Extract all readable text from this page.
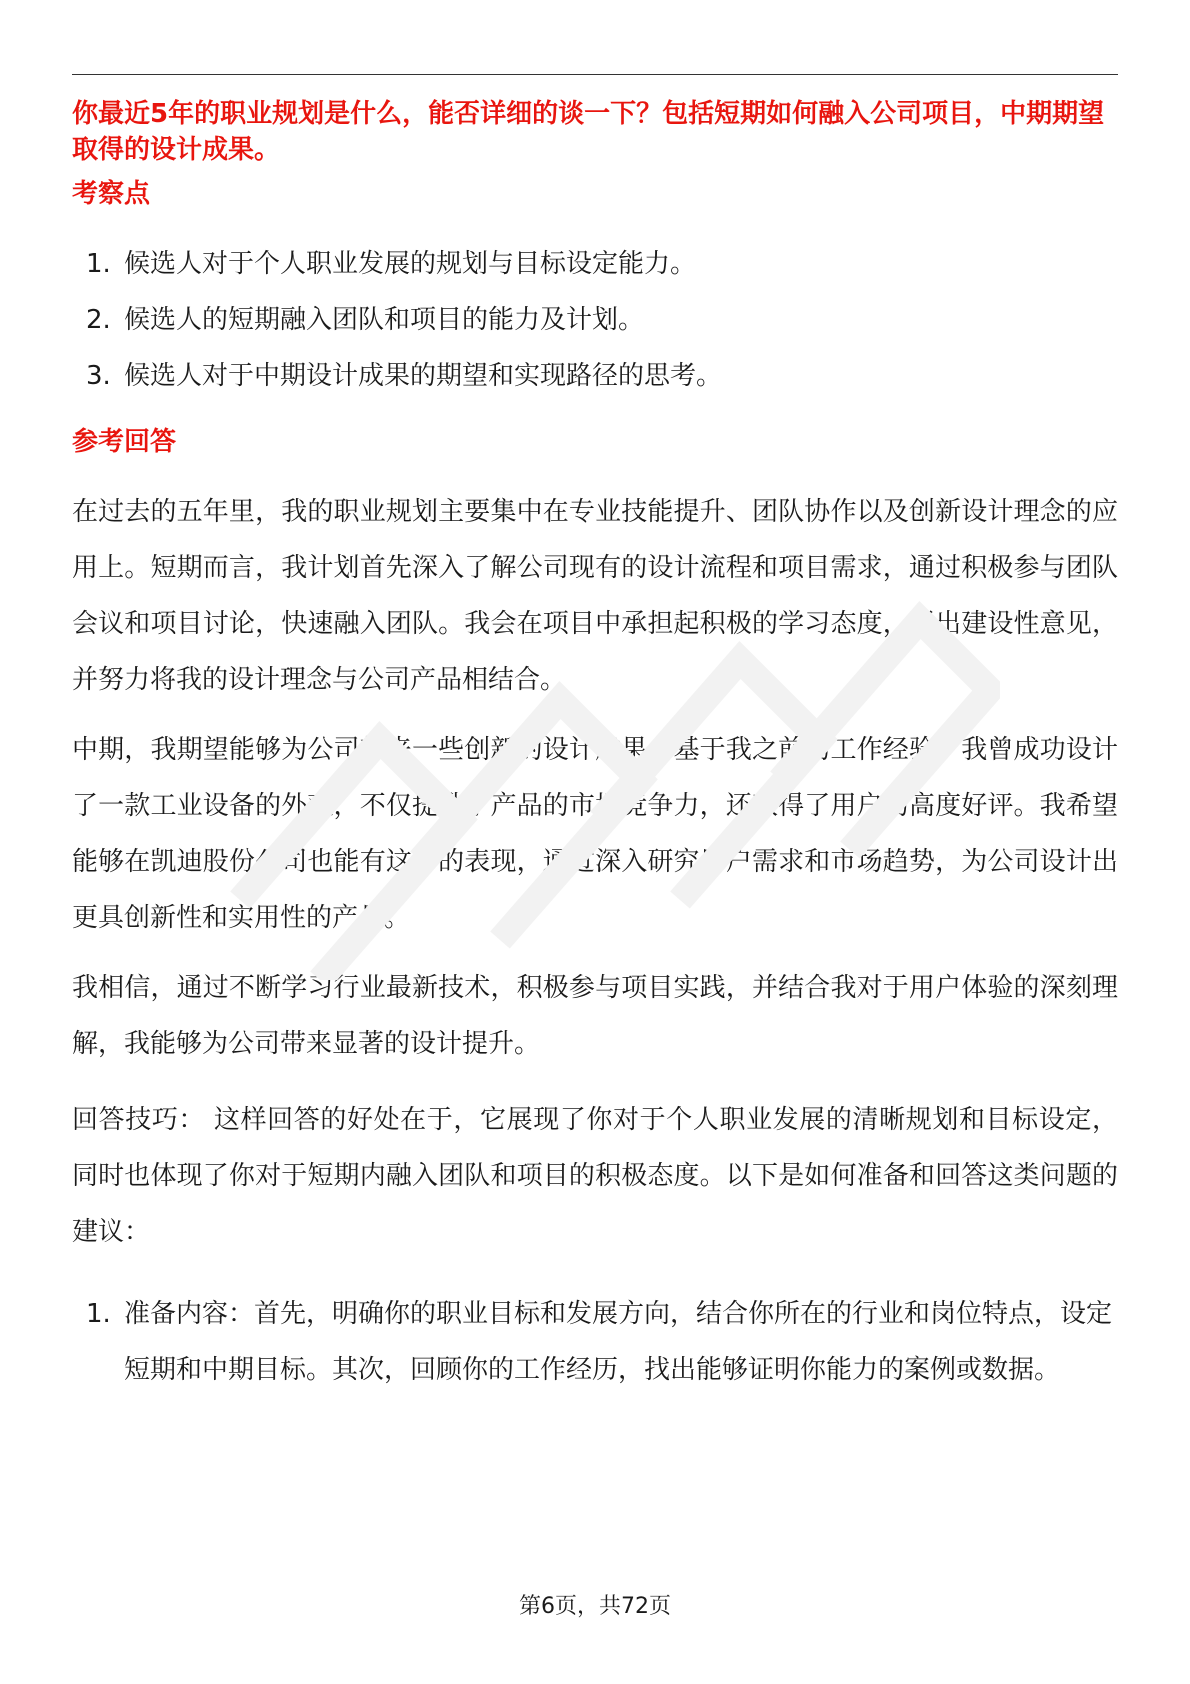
你最近5年的职业规划是什么，能否详细的谈一下？包括短期如何融入公司项目，中期期望取得的设计成果。
考察点
1. 候选人对于个人职业发展的规划与目标设定能力。
2. 候选人的短期融入团队和项目的能力及计划。
3. 候选人对于中期设计成果的期望和实现路径的思考。
参考回答

在过去的五年里，我的职业规划主要集中在专业技能提升、团队协作以及创新设计理念的应用上。短期而言，我计划首先深入了解公司现有的设计流程和项目需求，通过积极参与团队会议和项目讨论，快速融入团队。我会在项目中承担起积极的学习态度，提出建设性意见，并努力将我的设计理念与公司产品相结合。

中期，我期望能够为公司带来一些创新的设计成果。基于我之前的工作经验，我曾成功设计了一款工业设备的外观，不仅提升了产品的市场竞争力，还获得了用户的高度好评。我希望能够在凯迪股份公司也能有这样的表现，通过深入研究用户需求和市场趋势，为公司设计出更具创新性和实用性的产品。

我相信，通过不断学习行业最新技术，积极参与项目实践，并结合我对于用户体验的深刻理解，我能够为公司带来显著的设计提升。

回答技巧： 这样回答的好处在于，它展现了你对于个人职业发展的清晰规划和目标设定，同时也体现了你对于短期内融入团队和项目的积极态度。以下是如何准备和回答这类问题的建议：

1. 准备内容：首先，明确你的职业目标和发展方向，结合你所在的行业和岗位特点，设定短期和中期目标。其次，回顾你的工作经历，找出能够证明你能力的案例或数据。
第6页，共72页
